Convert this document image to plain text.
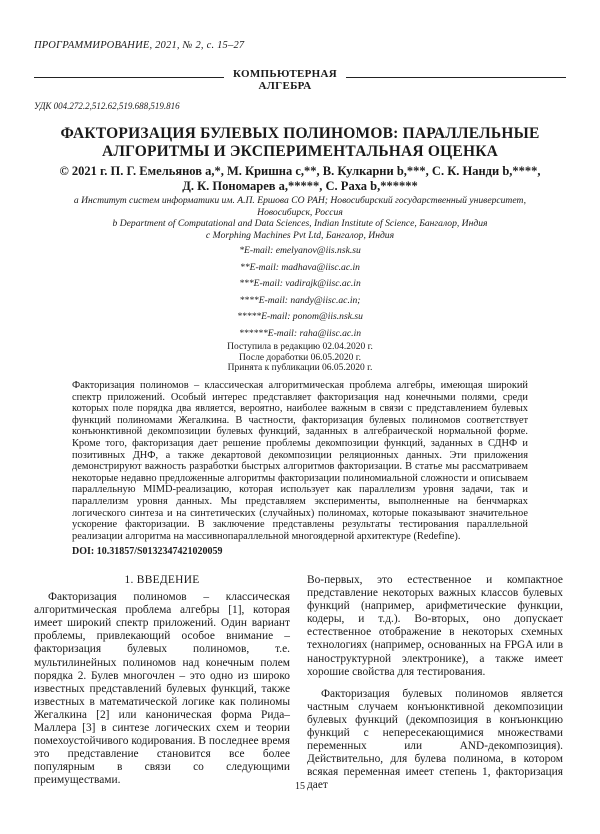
ПРОГРАММИРОВАНИЕ, 2021, № 2, с. 15–27
КОМПЬЮТЕРНАЯ
АЛГЕБРА
УДК 004.272.2,512.62,519.688,519.816
ФАКТОРИЗАЦИЯ БУЛЕВЫХ ПОЛИНОМОВ: ПАРАЛЛЕЛЬНЫЕ
АЛГОРИТМЫ И ЭКСПЕРИМЕНТАЛЬНАЯ ОЦЕНКА
© 2021 г. П. Г. Емельянов a,*, М. Кришна c,**, В. Кулкарни b,***, С. К. Нанди b,****,
Д. К. Пономарев a,*****, С. Раха b,******
a Институт систем информатики им. А.П. Ершова СО РАН; Новосибирский государственный университет,
Новосибирск, Россия
b Department of Computational and Data Sciences, Indian Institute of Science, Бангалор, Индия
c Morphing Machines Pvt Ltd, Бангалор, Индия
*E-mail: emelyanov@iis.nsk.su
**E-mail: madhava@iisc.ac.in
***E-mail: vadirajk@iisc.ac.in
****E-mail: nandy@iisc.ac.in;
*****E-mail: ponom@iis.nsk.su
******E-mail: raha@iisc.ac.in
Поступила в редакцию 02.04.2020 г.
После доработки 06.05.2020 г.
Принята к публикации 06.05.2020 г.
Факторизация полиномов – классическая алгоритмическая проблема алгебры, имеющая широкий спектр приложений. Особый интерес представляет факторизация над конечными полями, среди которых поле порядка два является, вероятно, наиболее важным в связи с представлением булевых функций полиномами Жегалкина. В частности, факторизация булевых полиномов соответствует конъюнктивной декомпозиции булевых функций, заданных в алгебраической нормальной форме. Кроме того, факторизация дает решение проблемы декомпозиции функций, заданных в СДНФ и позитивных ДНФ, а также декартовой декомпозиции реляционных данных. Эти приложения демонстрируют важность разработки быстрых алгоритмов факторизации. В статье мы рассматриваем некоторые недавно предложенные алгоритмы факторизации полиномиальной сложности и описываем параллельную MIMD-реализацию, которая использует как параллелизм уровня задачи, так и параллелизм уровня данных. Мы представляем эксперименты, выполненные на бенчмарках логического синтеза и на синтетических (случайных) полиномах, которые показывают значительное ускорение факторизации. В заключение представлены результаты тестирования параллельной реализации алгоритма на массивнопараллельной многоядерной архитектуре (Redefine).
DOI: 10.31857/S0132347421020059
1. ВВЕДЕНИЕ

Факторизация полиномов – классическая алгоритмическая проблема алгебры [1], которая имеет широкий спектр приложений. Один вариант проблемы, привлекающий особое внимание – факторизация булевых полиномов, т.е. мультилинейных полиномов над конечным полем порядка 2. Булев многочлен – это одно из широко известных представлений булевых функций, также известных в математической логике как полиномы Жегалкина [2] или каноническая форма Рида–Маллера [3] в синтезе логических схем и теории помехоустойчивого кодирования. В последнее время это представление становится все более популярным в связи со следующими преимуществами.

Во-первых, это естественное и компактное представление некоторых важных классов булевых функций (например, арифметические функции, кодеры, и т.д.). Во-вторых, оно допускает естественное отображение в некоторых схемных технологиях (например, основанных на FPGA или в наноструктурной электронике), а также имеет хорошие свойства для тестирования.

Факторизация булевых полиномов является частным случаем конъюнктивной декомпозиции булевых функций (декомпозиция в конъюнкцию функций с непересекающимися множествами переменных или AND-декомпозиция). Действительно, для булева полинома, в котором всякая переменная имеет степень 1, факторизация дает

15
